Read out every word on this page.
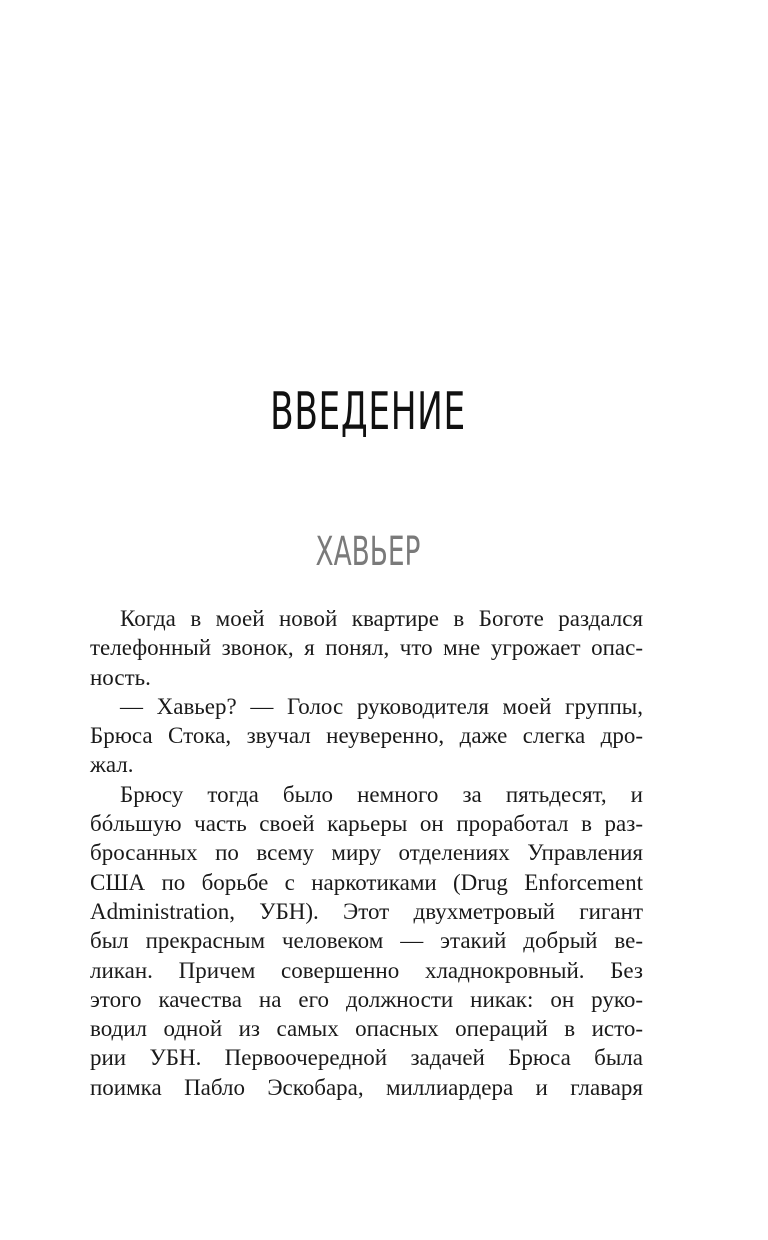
ВВЕДЕНИЕ
ХАВЬЕР
Когда в моей новой квартире в Боготе раздался
телефонный звонок, я понял, что мне угрожает опас-
ность.
— Хавьер? — Голос руководителя моей группы,
Брюса Стока, звучал неуверенно, даже слегка дро-
жал.
Брюсу тогда было немного за пятьдесят, и
бóльшую часть своей карьеры он проработал в раз-
бросанных по всему миру отделениях Управления
США по борьбе с наркотиками (Drug Enforcement
Administration, УБН). Этот двухметровый гигант
был прекрасным человеком — этакий добрый ве-
ликан. Причем совершенно хладнокровный. Без
этого качества на его должности никак: он руко-
водил одной из самых опасных операций в исто-
рии УБН. Первоочередной задачей Брюса была
поимка Пабло Эскобара, миллиардера и главаря
